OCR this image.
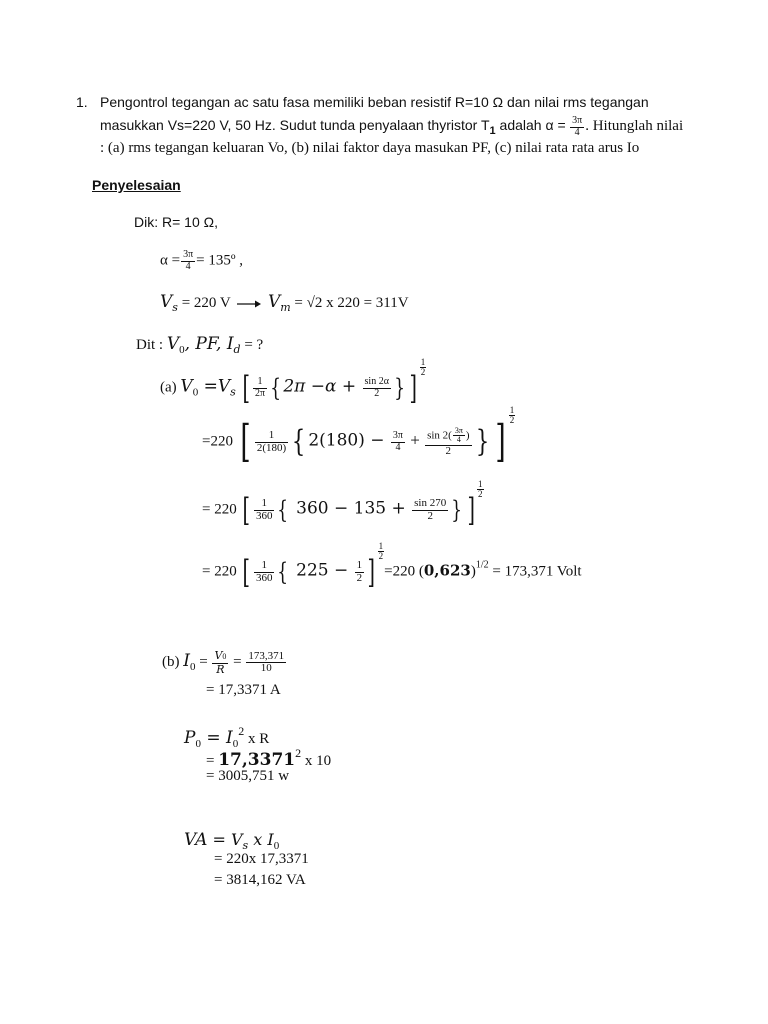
1. Pengontrol tegangan ac satu fasa memiliki beban resistif R=10 Ω dan nilai rms tegangan
masukkan Vs=220 V, 50 Hz. Sudut tunda penyalaan thyristor $T_1$ adalah $\alpha = \frac{3\pi}{4}$ . Hitunglah nilai
: (a) rms tegangan keluaran Vo, (b) nilai faktor daya masukan PF, (c) nilai rata rata arus Io
Penyelesaian
Dik: R= 10 Ω,
$\alpha = \frac{3\pi}{4}$ = 135º ,
$V_s = 220$ V $V_m = √2$ x 220 = 311V
Dit : $V_0$, PF, $I_d$ = ?
(a) $V_0 =V_s$ [ $\frac{1}{2\pi}$ { $2\pi -\alpha + \frac{\sin 2\alpha}{2}$ } ]
$\frac{1}{2}$
=220 [ $\frac{1}{2(180)}$ { $2(180) - \frac{3\pi}{4} + \frac{\sin 2( \frac{3\pi}{4} )}{2}$ } ]
$\frac{1}{2}$
= 220 [ $\frac{1}{360}$ { $360 - 135 + \frac{\sin 270}{2}$ } ]
$\frac{1}{2}$
= 220 [ $\frac{1}{360}$ { $225 - \frac{1}{2}$ ]
$\frac{1}{2}=220$ $(0,623)^{1/2} = 173,371$ Volt
(b) $I_0 = \frac{V0}{R} = \frac{173,371}{10}$
= 17,3371 A
$P_0 = I_0^2$ x R
= $17,3371^2$ x 10
= 3005,751 w
VA = $V_s$ x $I_0$
= 220x 17,3371
= 3814,162 VA
